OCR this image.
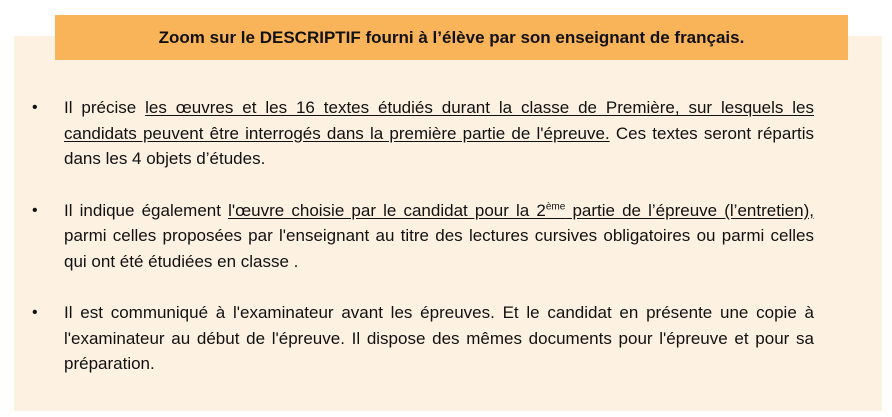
Zoom sur le DESCRIPTIF fourni à l’élève par son enseignant de français.
• Il précise les œuvres et les 16 textes étudiés durant la classe de Première, sur lesquels les candidats peuvent être interrogés dans la première partie de l'épreuve. Ces textes seront répartis dans les 4 objets d’études.
• Il indique également l'œuvre choisie par le candidat pour la 2ème partie de l’épreuve (l’entretien), parmi celles proposées par l'enseignant au titre des lectures cursives obligatoires ou parmi celles qui ont été étudiées en classe .
• Il est communiqué à l'examinateur avant les épreuves. Et le candidat en présente une copie à l'examinateur au début de l'épreuve. Il dispose des mêmes documents pour l'épreuve et pour sa préparation.
